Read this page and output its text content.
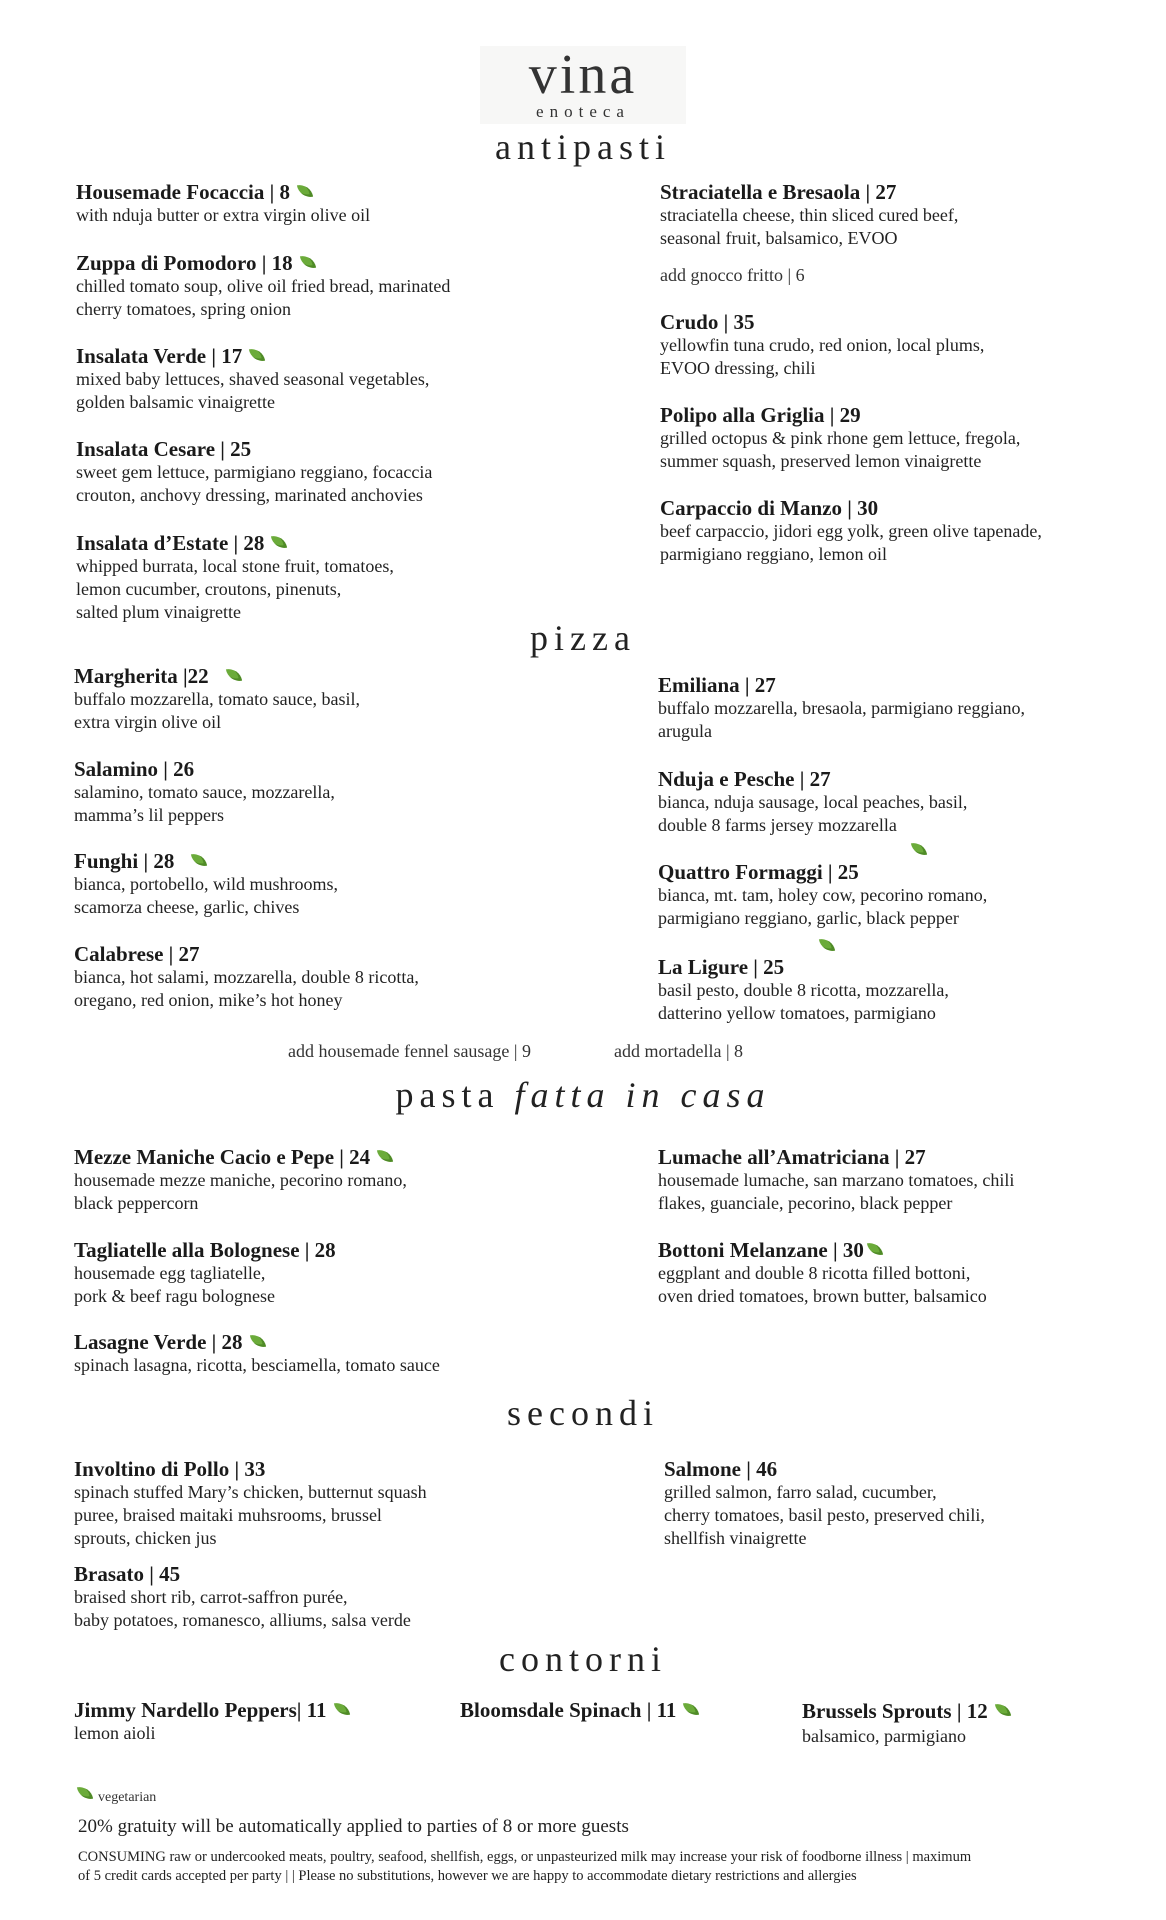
vina
enoteca
antipasti
Housemade Focaccia | 8
with nduja butter or extra virgin olive oil
Zuppa di Pomodoro | 18
chilled tomato soup, olive oil fried bread, marinated
cherry tomatoes, spring onion
Insalata Verde | 17
mixed baby lettuces, shaved seasonal vegetables,
golden balsamic vinaigrette
Insalata Cesare | 25
sweet gem lettuce, parmigiano reggiano, focaccia
crouton, anchovy dressing, marinated anchovies
Insalata d’Estate | 28
whipped burrata, local stone fruit, tomatoes,
lemon cucumber, croutons, pinenuts,
salted plum vinaigrette
Straciatella e Bresaola | 27
straciatella cheese, thin sliced cured beef,
seasonal fruit, balsamico, EVOO
add gnocco fritto | 6
Crudo | 35
yellowfin tuna crudo, red onion, local plums,
EVOO dressing, chili
Polipo alla Griglia | 29
grilled octopus & pink rhone gem lettuce, fregola,
summer squash, preserved lemon vinaigrette
Carpaccio di Manzo | 30
beef carpaccio, jidori egg yolk, green olive tapenade,
parmigiano reggiano, lemon oil
pizza
Margherita |22
buffalo mozzarella, tomato sauce, basil,
extra virgin olive oil
Salamino | 26
salamino, tomato sauce, mozzarella,
mamma’s lil peppers
Funghi | 28
bianca, portobello, wild mushrooms,
scamorza cheese, garlic, chives
Calabrese | 27
bianca, hot salami, mozzarella, double 8 ricotta,
oregano, red onion, mike’s hot honey
Emiliana | 27
buffalo mozzarella, bresaola, parmigiano reggiano,
arugula
Nduja e Pesche | 27
bianca, nduja sausage, local peaches, basil,
double 8 farms jersey mozzarella
Quattro Formaggi | 25
bianca, mt. tam, holey cow, pecorino romano,
parmigiano reggiano, garlic, black pepper
La Ligure | 25
basil pesto, double 8 ricotta, mozzarella,
datterino yellow tomatoes, parmigiano
add housemade fennel sausage | 9	add mortadella | 8
pasta fatta in casa
Mezze Maniche Cacio e Pepe | 24
housemade mezze maniche, pecorino romano,
black peppercorn
Tagliatelle alla Bolognese | 28
housemade egg tagliatelle,
pork & beef ragu bolognese
Lasagne Verde | 28
spinach lasagna, ricotta, besciamella, tomato sauce
Lumache all’Amatriciana | 27
housemade lumache, san marzano tomatoes, chili
flakes, guanciale, pecorino, black pepper
Bottoni Melanzane | 30
eggplant and double 8 ricotta filled bottoni,
oven dried tomatoes, brown butter, balsamico
secondi
Involtino di Pollo | 33
spinach stuffed Mary’s chicken, butternut squash
puree, braised maitaki muhsrooms, brussel
sprouts, chicken jus
Brasato | 45
braised short rib, carrot-saffron purée,
baby potatoes, romanesco, alliums, salsa verde
Salmone | 46
grilled salmon, farro salad, cucumber,
cherry tomatoes, basil pesto, preserved chili,
shellfish vinaigrette
contorni
Jimmy Nardello Peppers| 11
lemon aioli
Bloomsdale Spinach | 11	Brussels Sprouts | 12
balsamico, parmigiano
vegetarian
20% gratuity will be automatically applied to parties of 8 or more guests
CONSUMING raw or undercooked meats, poultry, seafood, shellfish, eggs, or unpasteurized milk may increase your risk of foodborne illness | maximum
of 5 credit cards accepted per party | | Please no substitutions, however we are happy to accommodate dietary restrictions and allergies
